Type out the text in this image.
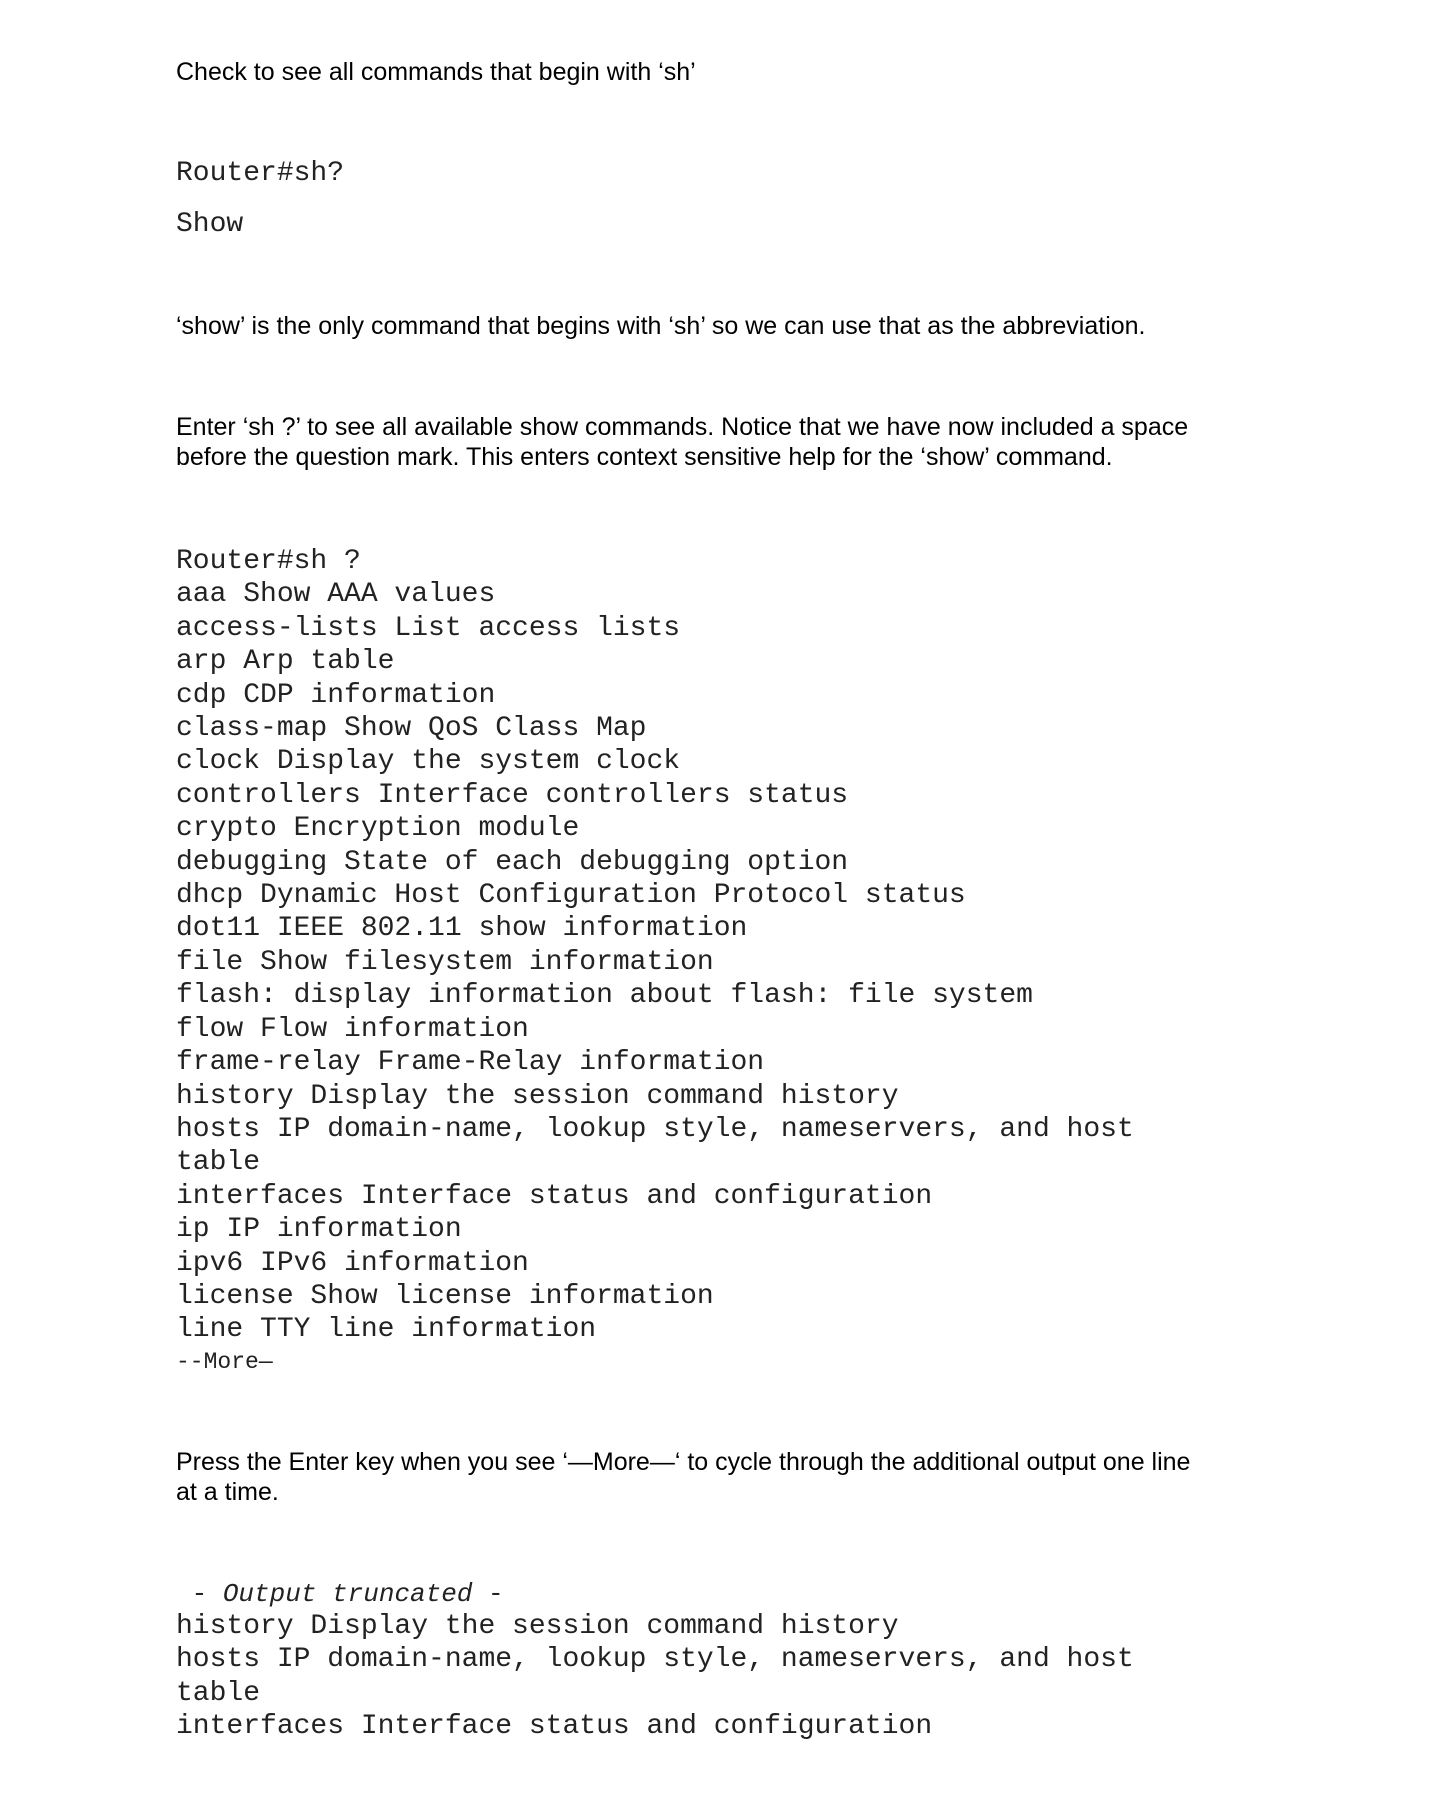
Check to see all commands that begin with ‘sh’

Router#sh?

Show

‘show’ is the only command that begins with ‘sh’ so we can use that as the abbreviation.

Enter ‘sh ?’ to see all available show commands. Notice that we have now included a space
before the question mark. This enters context sensitive help for the ‘show’ command.
Router#sh ?
aaa Show AAA values
access-lists List access lists
arp Arp table
cdp CDP information
class-map Show QoS Class Map
clock Display the system clock
controllers Interface controllers status
crypto Encryption module
debugging State of each debugging option
dhcp Dynamic Host Configuration Protocol status
dot11 IEEE 802.11 show information
file Show filesystem information
flash: display information about flash: file system
flow Flow information
frame-relay Frame-Relay information
history Display the session command history
hosts IP domain-name, lookup style, nameservers, and host
table
interfaces Interface status and configuration
ip IP information
ipv6 IPv6 information
license Show license information
line TTY line information
--More—
Press the Enter key when you see ‘—More—‘ to cycle through the additional output one line
at a time.
- Output truncated -
history Display the session command history
hosts IP domain-name, lookup style, nameservers, and host
table
interfaces Interface status and configuration
